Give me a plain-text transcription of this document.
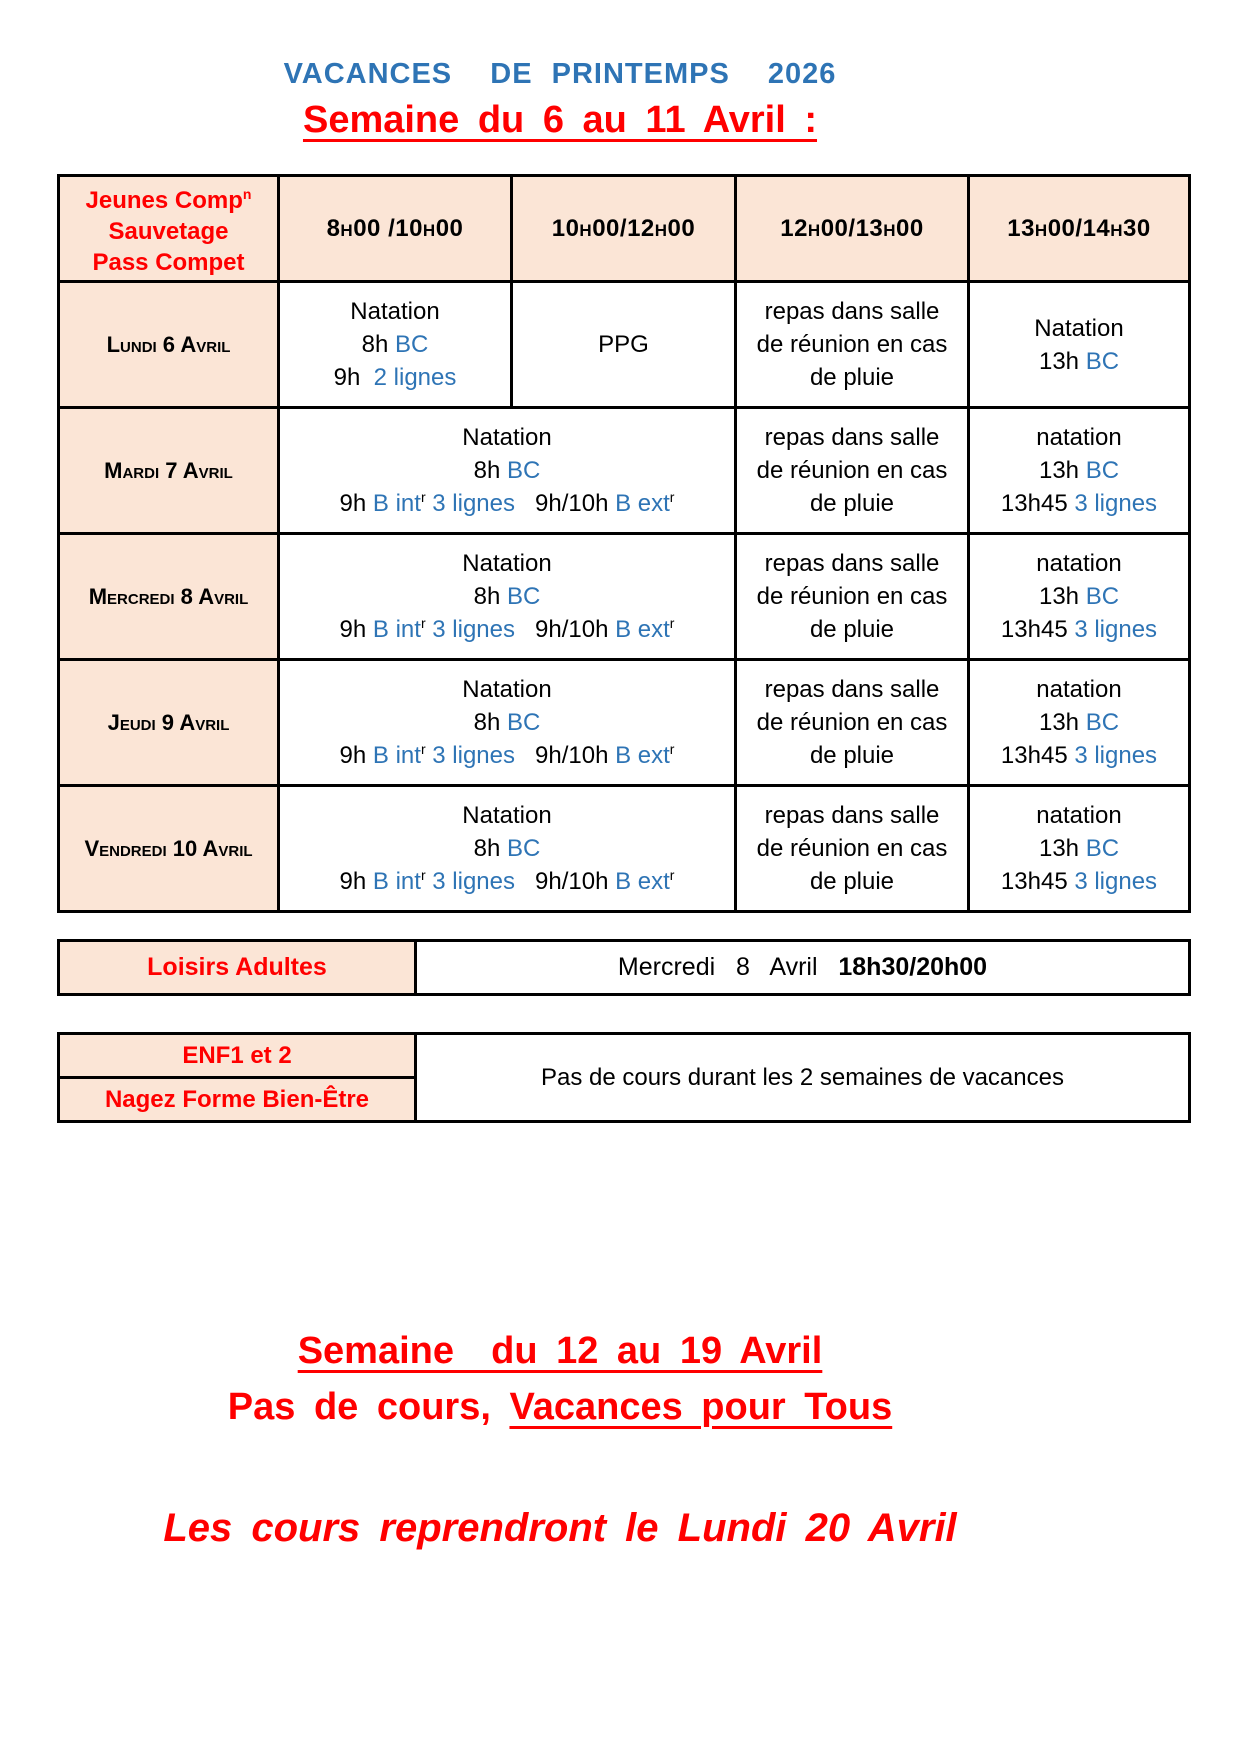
VACANCES  DE PRINTEMPS  2026
Semaine du 6 au 11 Avril :
Jeunes Comp$^n$
Sauvetage
Pass Compet	8h00 /10h00	10h00/12h00	12h00/13h00	13h00/14h30
Lundi 6 Avril	
Natation
8h BC
9h  2 lignes

PPG

repas dans salle
de réunion en cas
de pluie

Natation
13h BC

Mardi 7 Avril	
Natation
8h BC
9h B int$^r$ 3 lignes   9h/10h B ext$^r$

repas dans salle
de réunion en cas
de pluie

natation
13h BC
13h45 3 lignes

Mercredi 8 Avril	
Natation
8h BC
9h B int$^r$ 3 lignes   9h/10h B ext$^r$

repas dans salle
de réunion en cas
de pluie

natation
13h BC
13h45 3 lignes

Jeudi 9 Avril	
Natation
8h BC
9h B int$^r$ 3 lignes   9h/10h B ext$^r$

repas dans salle
de réunion en cas
de pluie

natation
13h BC
13h45 3 lignes

Vendredi 10 Avril	
Natation
8h BC
9h B int$^r$ 3 lignes   9h/10h B ext$^r$

repas dans salle
de réunion en cas
de pluie

natation
13h BC
13h45 3 lignes
Loisirs Adultes	Mercredi   8   Avril   18h30/20h00
ENF1 et 2	Pas de cours durant les 2 semaines de vacances
Nagez Forme Bien-Être
Semaine  du 12 au 19 Avril
Pas de cours, Vacances pour Tous
Les cours reprendront le Lundi 20 Avril
